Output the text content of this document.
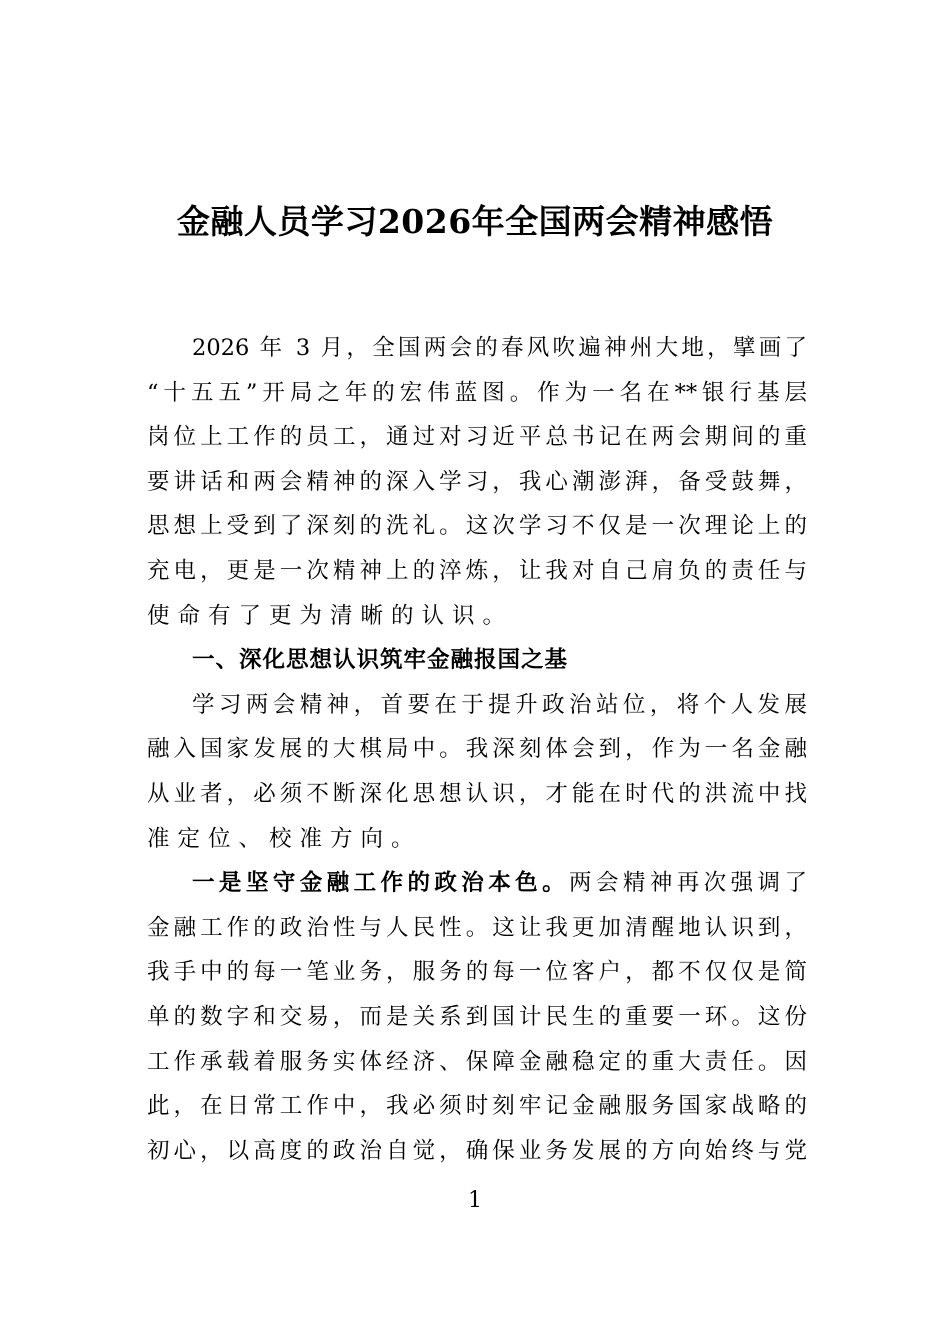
金融人员学习2026年全国两会精神感悟
2026 年 3 月，全国两会的春风吹遍神州大地，擘画了
“十五五”开局之年的宏伟蓝图。作为一名在**银行基层
岗位上工作的员工，通过对习近平总书记在两会期间的重
要讲话和两会精神的深入学习，我心潮澎湃，备受鼓舞，
思想上受到了深刻的洗礼。这次学习不仅是一次理论上的
充电，更是一次精神上的淬炼，让我对自己肩负的责任与
使命有了更为清晰的认识。
一、深化思想认识筑牢金融报国之基
学习两会精神，首要在于提升政治站位，将个人发展
融入国家发展的大棋局中。我深刻体会到，作为一名金融
从业者，必须不断深化思想认识，才能在时代的洪流中找
准定位、校准方向。
一是坚守金融工作的政治本色。两会精神再次强调了
金融工作的政治性与人民性。这让我更加清醒地认识到，
我手中的每一笔业务，服务的每一位客户，都不仅仅是简
单的数字和交易，而是关系到国计民生的重要一环。这份
工作承载着服务实体经济、保障金融稳定的重大责任。因
此，在日常工作中，我必须时刻牢记金融服务国家战略的
初心，以高度的政治自觉，确保业务发展的方向始终与党
1
